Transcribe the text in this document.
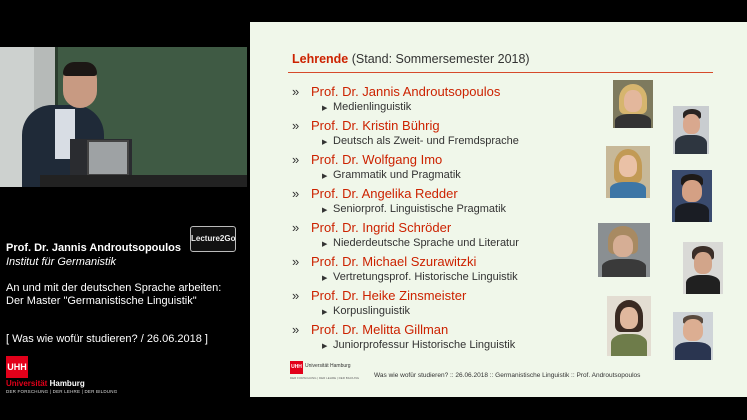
Lecture2Go
Prof. Dr. Jannis Androutsopoulos
Institut für Germanistik
An und mit der deutschen Sprache arbeiten:
Der Master "Germanistische Linguistik"
[ Was wie wofür studieren? / 26.06.2018 ]
UHH
Universität Hamburg
DER FORSCHUNG | DER LEHRE | DER BILDUNG
Lehrende (Stand: Sommersemester 2018)
» Prof. Dr. Jannis Androutsopoulos
▶ Medienlinguistik
» Prof. Dr. Kristin Bührig
▶ Deutsch als Zweit- und Fremdsprache
» Prof. Dr. Wolfgang Imo
▶ Grammatik und Pragmatik
» Prof. Dr. Angelika Redder
▶ Seniorprof. Linguistische Pragmatik
» Prof. Dr. Ingrid Schröder
▶ Niederdeutsche Sprache und Literatur
» Prof. Dr. Michael Szurawitzki
▶ Vertretungsprof. Historische Linguistik
» Prof. Dr. Heike Zinsmeister
▶ Korpuslinguistik
» Prof. Dr. Melitta Gillman
▶ Juniorprofessur Historische Linguistik
UHH Universität Hamburg
DER FORSCHUNG | DER LEHRE | DER BILDUNG Was wie wofür studieren? :: 26.06.2018 :: Germanistische Linguistik :: Prof. Androutsopoulos
